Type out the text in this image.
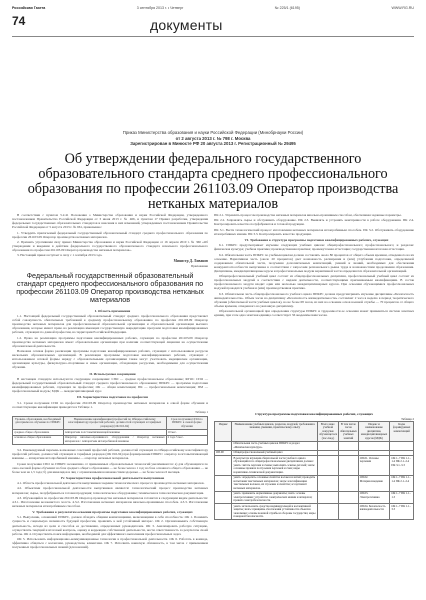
Российская Газета	3 сентября 2013 г. • Четверг	№ 225/1 (6195)	WWW.RG.RU
74	документы
Приказ Министерства образования и науки Российской Федерации (Минобрнауки России)
от 2 августа 2013 г. № 798 г. Москва
Зарегистрирован в Минюсте РФ 20 августа 2013 г. Регистрационный № 29495
Об утверждении федерального государственного образовательного стандарта среднего профессионального образования по профессии 261103.09 Оператор производства нетканых материалов

В соответствии с пунктом 5.2.41 Положения о Министерстве образования и науки Российской Федерации, утвержденного постановлением Правительства Российской Федерации от 3 июня 2013 г. № 466, и пунктом 17 Правил разработки, утверждения федеральных государственных образовательных стандартов и внесения в них изменений, утвержденных постановлением Правительства Российской Федерации от 5 августа 2013 г. № 661, приказываю:

1. Утвердить прилагаемый федеральный государственный образовательный стандарт среднего профессионального образования по профессии 261103.09 Оператор производства нетканых материалов.

2. Признать утратившим силу приказ Министерства образования и науки Российской Федерации от 16 апреля 2010 г. № 360 «Об утверждении и введении в действие федерального государственного образовательного стандарта начального профессионального образования по профессии 261103.09 Оператор производства нетканых материалов».

3. Настоящий приказ вступает в силу с 1 сентября 2013 года.

Министр Д. Ливанов
Приложение
Федеральный государственный образовательный стандарт среднего профессионального образования по профессии 261103.09 Оператор производства нетканых материалов

I. Область применения

1.1. Настоящий федеральный государственный образовательный стандарт среднего профессионального образования представляет собой совокупность обязательных требований к среднему профессиональному образованию по профессии 261103.09 Оператор производства нетканых материалов для профессиональной образовательной организации и образовательной организации высшего образования, которые имеют право на реализацию имеющих государственную аккредитацию программ подготовки квалифицированных рабочих, служащих по данной профессии, на территории Российской Федерации.

1.2. Право на реализацию программы подготовки квалифицированных рабочих, служащих по профессии 261103.09 Оператор производства нетканых материалов имеет образовательная организация при наличии соответствующей лицензии на осуществление образовательной деятельности.

Возможна сетевая форма реализации программы подготовки квалифицированных рабочих, служащих с использованием ресурсов нескольких образовательных организаций. В реализации программы подготовки квалифицированных рабочих, служащих с использованием сетевой формы наряду с образовательными организациями также могут участвовать медицинские организации, организации культуры, физкультурно-спортивные и иные организации, обладающие ресурсами, необходимыми для осуществления обучения.

II. Используемые сокращения

В настоящем стандарте используются следующие сокращения: СПО — среднее профессиональное образование; ФГОС СПО — федеральный государственный образовательный стандарт среднего профессионального образования; ППКРС — программа подготовки квалифицированных рабочих, служащих по профессии; ОК — общая компетенция; ПК — профессиональная компетенция; ПМ — профессиональный модуль; МДК — междисциплинарный курс.

III. Характеристика подготовки по профессии

3.1. Сроки получения СПО по профессии 261103.09 Оператор производства нетканых материалов в очной форме обучения и соответствующие квалификации приводятся в Таблице 1.

Таблица 1
Уровень образования, необходимый для приема на обучение по ППКРС	Наименование квалификации (профессий по Общероссийскому классификатору профессий рабочих, должностей служащих и тарифных разрядов) (ОК 016-94)	Срок получения СПО по ППКРС в очной форме обучения
среднее общее образование	Аппаратчик холстовытягивающей машины	10 мес.
основное общее образование	Оператор вязально-прошивного оборудования / Оператор нетканых материалов / Аппаратчик иглопробивной машины	2 года 5 мес.

3.2. Рекомендуемый перечень возможных сочетаний профессий рабочих, должностей служащих по Общероссийскому классификатору профессий рабочих, должностей служащих и тарифных разрядов (ОК 016-94) при формировании ППКРС: оператор холстовытягивающей машины — аппаратчик иглопробивной машины — оператор нетканых материалов.

Сроки получения СПО по ППКРС независимо от применяемых образовательных технологий увеличиваются: а) для обучающихся по очно-заочной форме обучения: на базе среднего общего образования — не более чем на 1 год; на базе основного общего образования — не более чем на 1,5 года; б) для инвалидов и лиц с ограниченными возможностями здоровья — не более чем на 6 месяцев.

IV. Характеристика профессиональной деятельности выпускников

4.1. Область профессиональной деятельности выпускников: ведение технологического процесса производства нетканых материалов.

4.2. Объектами профессиональной деятельности выпускников являются: технологический процесс производства нетканых материалов; сырье, полуфабрикаты и готовая продукция; технологическое оборудование; техническая и технологическая документация.

4.3. Обучающийся по профессии 261103.09 Оператор производства нетканых материалов готовится к следующим видам деятельности: 4.3.1. Изготовление волокнистого холста. 4.3.2. Изготовление нетканых материалов вязально-прошивным способом. 4.3.3. Изготовление нетканых материалов иглопробивным способом.

V. Требования к результатам освоения программы подготовки квалифицированных рабочих, служащих

5.1. Выпускник, освоивший ППКРС, должен обладать общими компетенциями, включающими в себя способность: ОК 1. Понимать сущность и социальную значимость будущей профессии, проявлять к ней устойчивый интерес. ОК 2. Организовывать собственную деятельность, исходя из цели и способов ее достижения, определенных руководителем. ОК 3. Анализировать рабочую ситуацию, осуществлять текущий и итоговый контроль, оценку и коррекцию собственной деятельности, нести ответственность за результаты своей работы. ОК 4. Осуществлять поиск информации, необходимой для эффективного выполнения профессиональных задач.

ОК 5. Использовать информационно-коммуникационные технологии в профессиональной деятельности. ОК 6. Работать в команде, эффективно общаться с коллегами, руководством, клиентами. ОК 7. Исполнять воинскую обязанность, в том числе с применением полученных профессиональных знаний (для юношей).

ПК 2.1. Управлять процессом производства нетканых материалов вязально-прошивным способом, обеспечивая заданные параметры.

ПК 2.2. Заправлять сырье и обслуживать оборудование. ПК 2.3. Выявлять и устранять неисправности в работе оборудования. ПК 2.4. Контролировать качество полуфабрикатов и готовой продукции.

ПК 3.1. Вести технологический процесс изготовления нетканых материалов иглопробивным способом. ПК 3.2. Обслуживать оборудование иглопробивных машин. ПК 3.3. Контролировать качество продукции.

VI. Требования к структуре программы подготовки квалифицированных рабочих, служащих

6.1. ППКРС предусматривает изучение следующих учебных циклов: общепрофессионального; профессионального; и разделов: физическая культура; учебная практика; производственная практика; промежуточная аттестация; государственная итоговая аттестация.

6.2. Обязательная часть ППКРС по учебным циклам должна составлять около 80 процентов от общего объема времени, отведенного на их освоение. Вариативная часть (около 20 процентов) дает возможность расширения и (или) углубления подготовки, определяемой содержанием обязательной части, получения дополнительных компетенций, умений и знаний, необходимых для обеспечения конкурентоспособности выпускника в соответствии с запросами регионального рынка труда и возможностями продолжения образования. Дисциплины, междисциплинарные курсы и профессиональные модули вариативной части определяются образовательной организацией.

Общепрофессиональный учебный цикл состоит из общепрофессиональных дисциплин, профессиональный учебный цикл состоит из профессиональных модулей в соответствии с видами деятельности, соответствующими присваиваемым квалификациям. В состав профессионального модуля входит один или несколько междисциплинарных курсов. При освоении обучающимися профессиональных модулей проводятся учебная и (или) производственная практика.

6.3. Обязательная часть общепрофессионального учебного цикла ППКРС должна предусматривать изучение дисциплины «Безопасность жизнедеятельности». Объем часов на дисциплину «Безопасность жизнедеятельности» составляет 2 часа в неделю в период теоретического обучения (обязательной части учебных циклов), но не более 68 часов, из них на освоение основ военной службы — 70 процентов от общего объема времени, отведенного на указанную дисциплину.

Образовательной организацией при определении структуры ППКРС и трудоемкости ее освоения может применяться система зачетных единиц, при этом одна зачетная единица соответствует 36 академическим часам.

Структура программы подготовки квалифицированных рабочих, служащих
Таблица 2
Индекс	Наименование учебных циклов, разделов, модулей, требования к знаниям, умениям, практическому опыту	Всего макс. учебной нагрузки обучающегося (час./нед.)	В том числе часов обязательных учебных занятий	Индекс и наименование дисциплин, междисциплинарных курсов (МДК)	Коды формируемых компетенций
	Обязательная часть учебных циклов ППКРС и раздел «Физическая культура»				
ОП.00	Общепрофессиональный учебный цикл				
	В результате изучения обязательной части учебного цикла обучающийся по общепрофессиональным дисциплинам должен: уметь: читать чертежи и схемы; выполнять эскизы деталей; знать: основные правила построения чертежей и схем; виды нормативно-технической документации.			ОП.01. Основы черчения	ОК 1–7 ПК 1.1–1.4 ПК 2.1–2.4 ПК 3.1–3.3
	уметь: определять основные свойства волокон и нитей; проводить испытания текстильных материалов; знать: классификацию текстильных волокон, их строение и свойства; ассортимент нетканых материалов.			ОП.02. Материаловедение	ОК 1–7 ПК 1.1–1.4 ПК 2.1–2.4
	уметь: применять нормативные документы; знать: основы электротехники; устройство электрических машин и аппаратов; правила электробезопасности.			ОП.03. Электротехника	ОК 1–7 ПК 1.1–1.3
	уметь: использовать средства индивидуальной и коллективной защиты; знать: принципы обеспечения устойчивости объектов экономики; основы военной службы и обороны государства; меры пожарной безопасности.			ОП.04. Безопасность жизнедеятельности	ОК 1–7 ПК 1.1–3.3
